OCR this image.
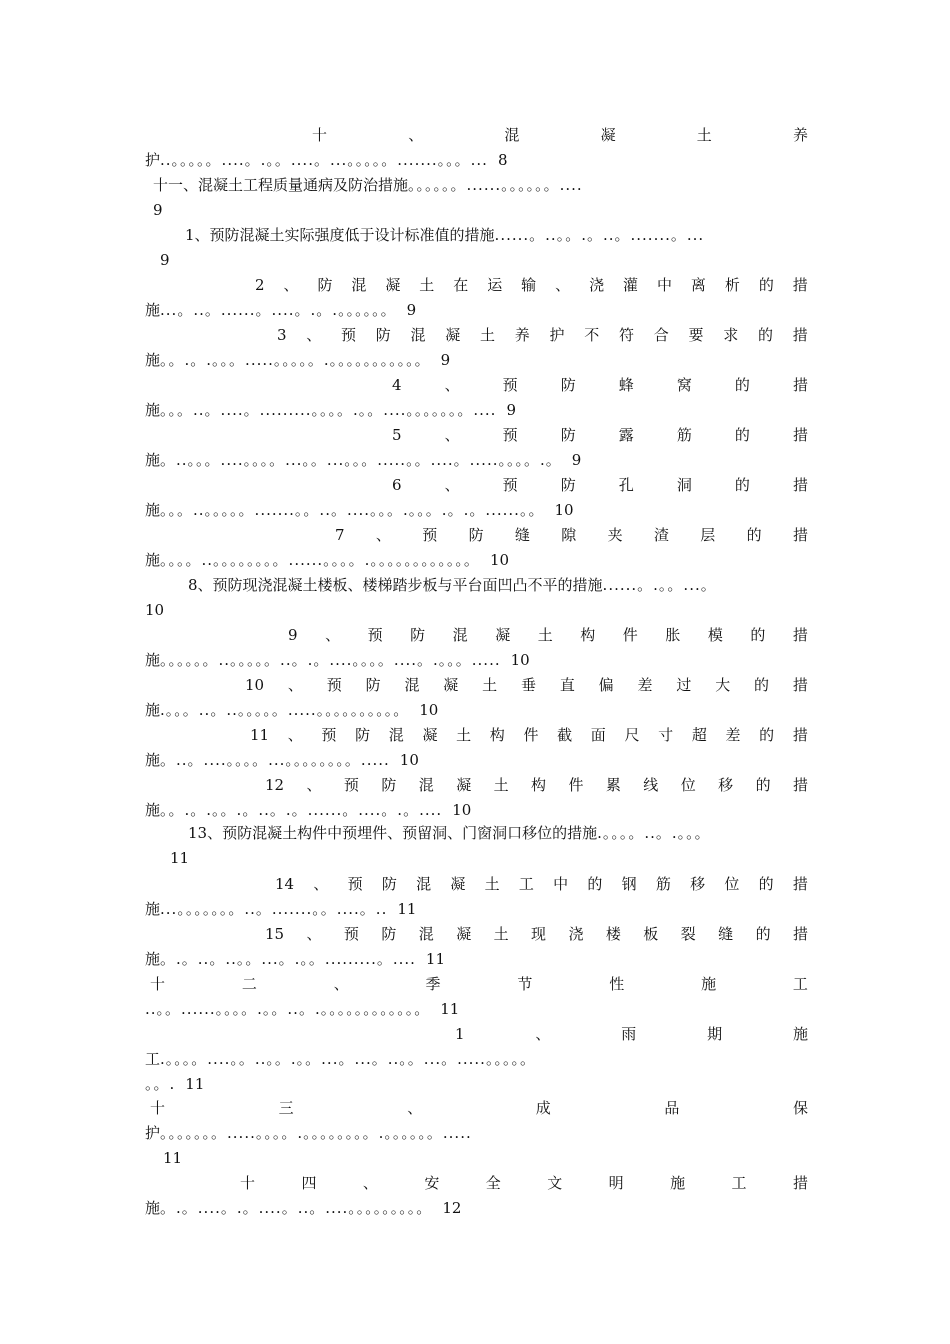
十	、	混	凝	土	养
护 ..。。。。。....。.。。....。...。。。。。.......。。。... 8
十一、混凝土工程质量通病及防治措施 。。。。。。......。。。。。。....
9
1、预防混凝土实际强度低于设计标准值的措施 ......。..。。.。..。.......。...
9
2 、 防 混 凝 土 在 运 输 、 浇 灌 中 离 析 的 措
施 ...。..。......。....。.。.。。。。。。 9
3 、 预 防 混 凝 土 养 护 不 符 合 要 求 的 措
施 。。.。.。。。.....。。。。。.。。。。。。。。。。。 9
4	、	预	防	蜂	窝	的	措
施 。。。..。....。.........。。。。.。。....。。。。。。。.... 9
5	、	预	防	露	筋	的	措
施 。..。。。....。。。。...。。...。。。.....。。....。.....。。。。.。 9
6	、	预	防	孔	洞	的	措
施 。。。..。。。。。.......。。..。....。。。.。。。.。.。......。。 10
7 、 预 防 缝 隙 夹 渣 层 的 措
施 。。。。..。。。。。。。。......。。。。.。。。。。。。。。。。。 10
8、预防现浇混凝土楼板、楼梯踏步板与平台面凹凸不平的措施 ......。.。。...。
10
9 、 预 防 混 凝 土 构 件 胀 模 的 措
施 。。。。。。..。。。。。..。.。....。。。。....。.。。。..... 10
10 、 预 防 混 凝 土 垂 直 偏 差 过 大 的 措
施 .。。。..。..。。。。。.....。。。。。。。。。。 10
11 、 预 防 混 凝 土 构 件 截 面 尺 寸 超 差 的 措
施 。..。....。。。。...。。。。。。。。..... 10
12 、 预 防 混 凝 土 构 件 累 线 位 移 的 措
施 。。.。.。。.。..。.。......。....。.。.... 10
13、预防混凝土构件中预埋件、预留洞、门窗洞口移位的措施 .。。。。..。.。。。
11
14 、 预 防 混 凝 土 工 中 的 钢 筋 移 位 的 措
施 ...。。。。。。。..。.......。。....。.. 11
15 、 预 防 混 凝 土 现 浇 楼 板 裂 缝 的 措
施 。.。..。..。。...。.。。.........。.... 11
十	二	、	季	节	性	施	工
..。。......。。。。.。。..。.。。。。。。。。。。。。 11
1	、	雨	期	施
工 .。。。。....。。..。。.。。...。...。..。。...。.....。。。。。
。。. 11
十	三	、	成	品	保
护 。。。。。。。.....。。。。.。。。。。。。。.。。。。。。.....
11
十	四	、	安	全	文	明	施	工	措
施 。.。....。.。....。..。....。。。。。。。。。 12
